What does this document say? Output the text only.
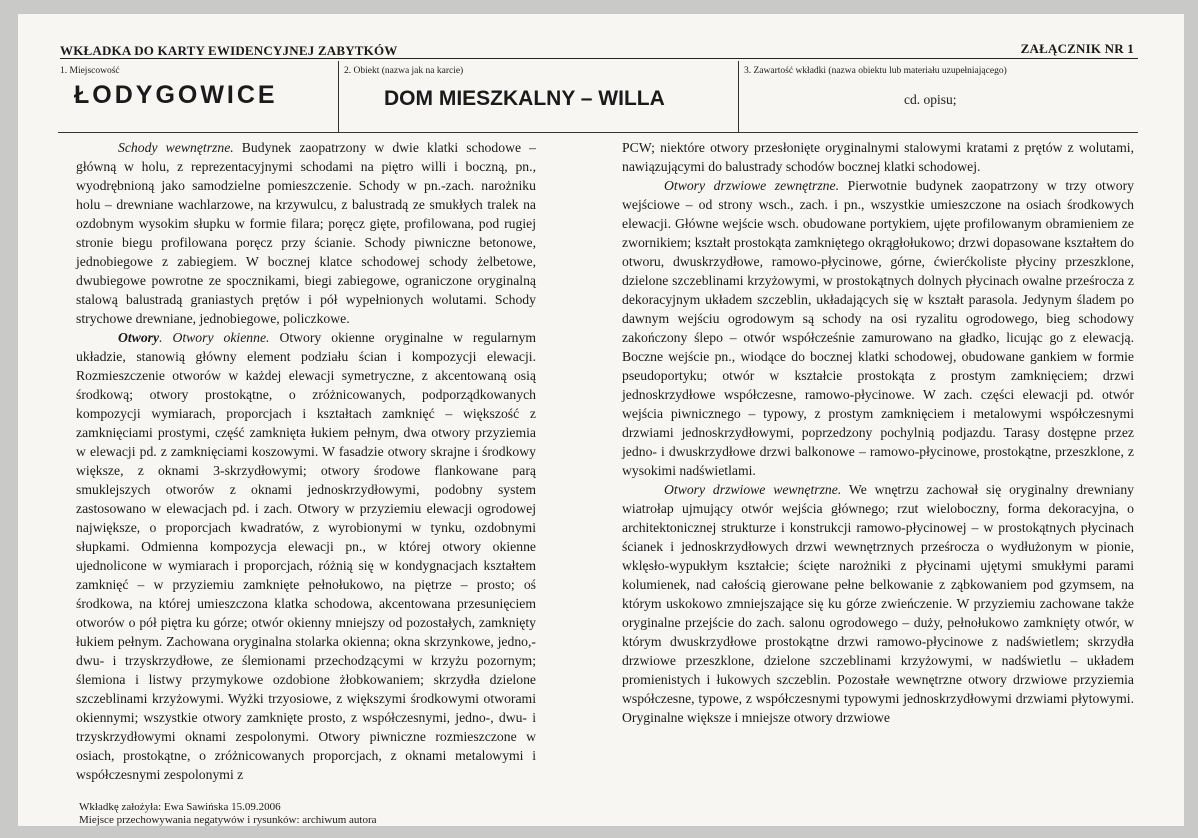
WKŁADKA DO KARTY EWIDENCYJNEJ ZABYTKÓW	ZAŁĄCZNIK NR 1
1. Miejscowość
ŁODYGOWICE
2. Obiekt (nazwa jak na karcie)
DOM MIESZKALNY – WILLA
3. Zawartość wkładki (nazwa obiektu lub materiału uzupełniającego)
cd. opisu;

Schody wewnętrzne. Budynek zaopatrzony w dwie klatki schodowe – główną w holu, z reprezentacyjnymi schodami na piętro willi i boczną, pn., wyodrębnioną jako samodzielne pomieszczenie. Schody w pn.-zach. narożniku holu – drewniane wachlarzowe, na krzywulcu, z balustradą ze smukłych tralek na ozdobnym wysokim słupku w formie filara; poręcz gięte, profilowana, pod rugiej stronie biegu profilowana poręcz przy ścianie. Schody piwniczne betonowe, jednobiegowe z zabiegiem. W bocznej klatce schodowej schody żelbetowe, dwubiegowe powrotne ze spocznikami, biegi zabiegowe, ograniczone oryginalną stalową balustradą graniastych prętów i pół wypełnionych wolutami. Schody strychowe drewniane, jednobiegowe, policzkowe.

Otwory. Otwory okienne. Otwory okienne oryginalne w regularnym układzie, stanowią główny element podziału ścian i kompozycji elewacji. Rozmieszczenie otworów w każdej elewacji symetryczne, z akcentowaną osią środkową; otwory prostokątne, o zróżnicowanych, podporządkowanych kompozycji wymiarach, proporcjach i kształtach zamknięć – większość z zamknięciami prostymi, część zamknięta łukiem pełnym, dwa otwory przyziemia w elewacji pd. z zamknięciami koszowymi. W fasadzie otwory skrajne i środkowy większe, z oknami 3-skrzydłowymi; otwory środowe flankowane parą smuklejszych otworów z oknami jednoskrzydłowymi, podobny system zastosowano w elewacjach pd. i zach. Otwory w przyziemiu elewacji ogrodowej największe, o proporcjach kwadratów, z wyrobionymi w tynku, ozdobnymi słupkami. Odmienna kompozycja elewacji pn., w której otwory okienne ujednolicone w wymiarach i proporcjach, różnią się w kondygnacjach kształtem zamknięć – w przyziemiu zamknięte pełnołukowo, na piętrze – prosto; oś środkowa, na której umieszczona klatka schodowa, akcentowana przesunięciem otworów o pół piętra ku górze; otwór okienny mniejszy od pozostałych, zamknięty łukiem pełnym. Zachowana oryginalna stolarka okienna; okna skrzynkowe, jedno,- dwu- i trzyskrzydłowe, ze ślemionami przechodzącymi w krzyżu pozornym; ślemiona i listwy przymykowe ozdobione żłobkowaniem; skrzydła dzielone szczeblinami krzyżowymi. Wyżki trzyosiowe, z większymi środkowymi otworami okiennymi; wszystkie otwory zamknięte prosto, z współczesnymi, jedno-, dwu- i trzyskrzydłowymi oknami zespolonymi. Otwory piwniczne rozmieszczone w osiach, prostokątne, o zróżnicowanych proporcjach, z oknami metalowymi i współczesnymi zespolonymi z

PCW; niektóre otwory przesłonięte oryginalnymi stalowymi kratami z prętów z wolutami, nawiązującymi do balustrady schodów bocznej klatki schodowej.

Otwory drzwiowe zewnętrzne. Pierwotnie budynek zaopatrzony w trzy otwory wejściowe – od strony wsch., zach. i pn., wszystkie umieszczone na osiach środkowych elewacji. Główne wejście wsch. obudowane portykiem, ujęte profilowanym obramieniem ze zwornikiem; kształt prostokąta zamkniętego okrągłołukowo; drzwi dopasowane kształtem do otworu, dwuskrzydłowe, ramowo-płycinowe, górne, ćwierćkoliste płyciny przeszklone, dzielone szczeblinami krzyżowymi, w prostokątnych dolnych płycinach owalne prześrocza z dekoracyjnym układem szczeblin, układających się w kształt parasola. Jedynym śladem po dawnym wejściu ogrodowym są schody na osi ryzalitu ogrodowego, bieg schodowy zakończony ślepo – otwór współcześnie zamurowano na gładko, licując go z elewacją. Boczne wejście pn., wiodące do bocznej klatki schodowej, obudowane gankiem w formie pseudoportyku; otwór w kształcie prostokąta z prostym zamknięciem; drzwi jednoskrzydłowe współczesne, ramowo-płycinowe. W zach. części elewacji pd. otwór wejścia piwnicznego – typowy, z prostym zamknięciem i metalowymi współczesnymi drzwiami jednoskrzydłowymi, poprzedzony pochylnią podjazdu. Tarasy dostępne przez jedno- i dwuskrzydłowe drzwi balkonowe – ramowo-płycinowe, prostokątne, przeszklone, z wysokimi nadświetlami.

Otwory drzwiowe wewnętrzne. We wnętrzu zachował się oryginalny drewniany wiatrołap ujmujący otwór wejścia głównego; rzut wieloboczny, forma dekoracyjna, o architektonicznej strukturze i konstrukcji ramowo-płycinowej – w prostokątnych płycinach ścianek i jednoskrzydłowych drzwi wewnętrznych prześrocza o wydłużonym w pionie, wklęsło-wypukłym kształcie; ścięte narożniki z płycinami ujętymi smukłymi parami kolumienek, nad całością gierowane pełne belkowanie z ząbkowaniem pod gzymsem, na którym uskokowo zmniejszające się ku górze zwieńczenie. W przyziemiu zachowane także oryginalne przejście do zach. salonu ogrodowego – duży, pełnołukowo zamknięty otwór, w którym dwuskrzydłowe prostokątne drzwi ramowo-płycinowe z nadświetlem; skrzydła drzwiowe przeszklone, dzielone szczeblinami krzyżowymi, w nadświetlu – układem promienistych i łukowych szczeblin. Pozostałe wewnętrzne otwory drzwiowe przyziemia współczesne, typowe, z współczesnymi typowymi jednoskrzydłowymi drzwiami płytowymi. Oryginalne większe i mniejsze otwory drzwiowe

Wkładkę założyła: Ewa Sawińska 15.09.2006
Miejsce przechowywania negatywów i rysunków: archiwum autora
